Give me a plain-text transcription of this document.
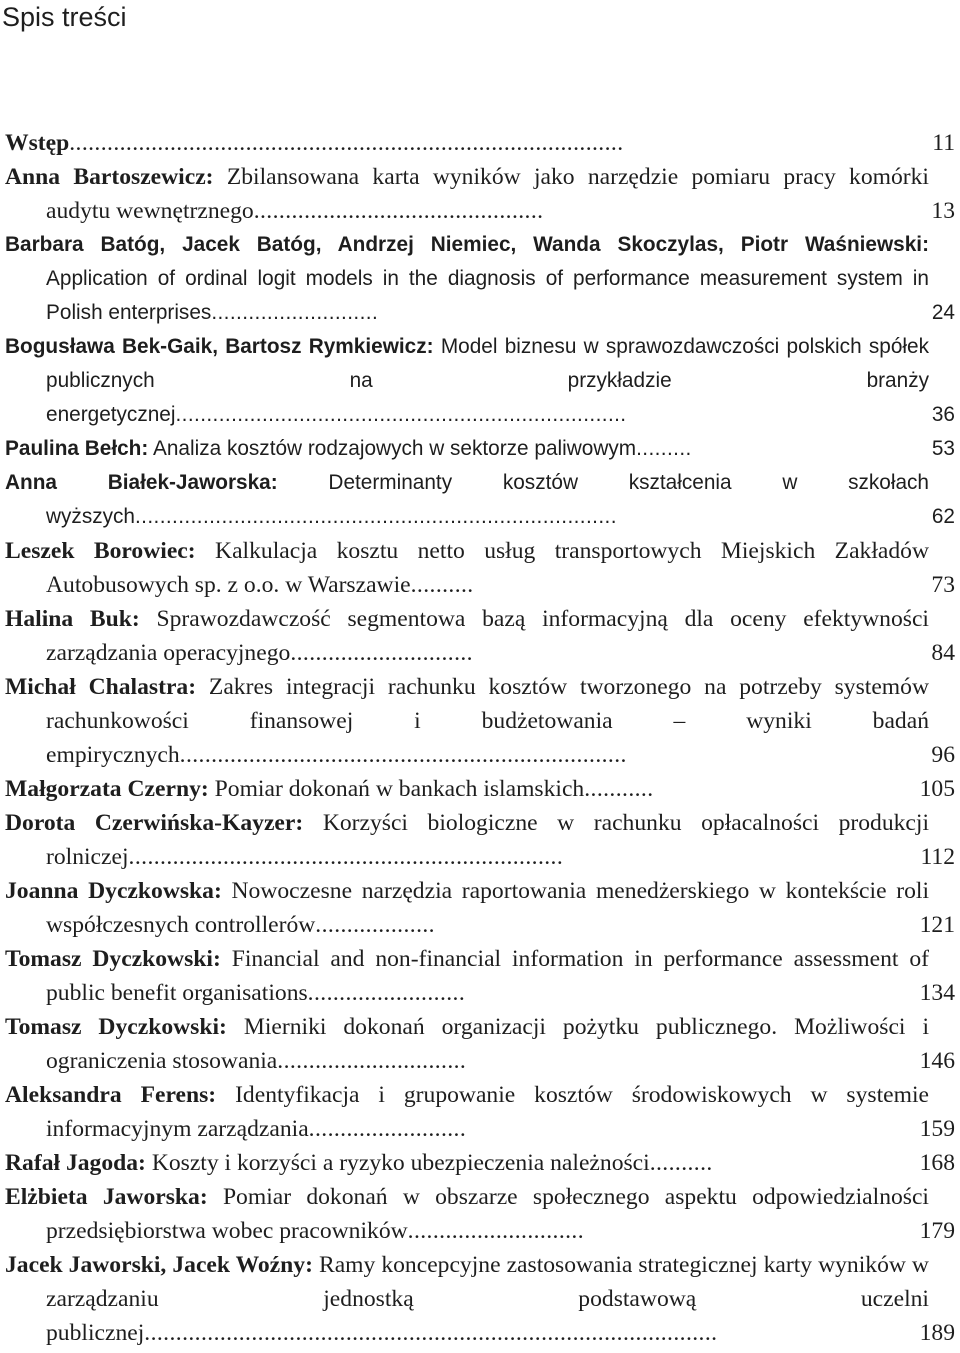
Spis treści
Wstęp........................................................................................	11
Anna Bartoszewicz: Zbilansowana karta wyników jako narzędzie pomiaru pracy komórki audytu wewnętrznego..............................................	13
Barbara Batóg, Jacek Batóg, Andrzej Niemiec, Wanda Skoczylas, Piotr Waśniewski: Application of ordinal logit models in the diagnosis of performance measurement system in Polish enterprises...........................	24
Bogusława Bek-Gaik, Bartosz Rymkiewicz: Model biznesu w sprawozdawczości polskich spółek publicznych na przykładzie branży energetycznej.........................................................................	36
Paulina Bełch: Analiza kosztów rodzajowych w sektorze paliwowym.........	53
Anna Białek-Jaworska: Determinanty kosztów kształcenia w szkołach wyższych..............................................................................	62
Leszek Borowiec: Kalkulacja kosztu netto usług transportowych Miejskich Zakładów Autobusowych sp. z o.o. w Warszawie..........	73
Halina Buk: Sprawozdawczość segmentowa bazą informacyjną dla oceny efektywności zarządzania operacyjnego.............................	84
Michał Chalastra: Zakres integracji rachunku kosztów tworzonego na potrzeby systemów rachunkowości finansowej i budżetowania – wyniki badań empirycznych.......................................................................	96
Małgorzata Czerny: Pomiar dokonań w bankach islamskich...........	105
Dorota Czerwińska-Kayzer: Korzyści biologiczne w rachunku opłacalności produkcji rolniczej.....................................................................	112
Joanna Dyczkowska: Nowoczesne narzędzia raportowania menedżerskiego w kontekście roli współczesnych controllerów...................	121
Tomasz Dyczkowski: Financial and non-financial information in performance assessment of public benefit organisations.........................	134
Tomasz Dyczkowski: Mierniki dokonań organizacji pożytku publicznego. Możliwości i ograniczenia stosowania..............................	146
Aleksandra Ferens: Identyfikacja i grupowanie kosztów środowiskowych w systemie informacyjnym zarządzania.........................	159
Rafał Jagoda: Koszty i korzyści a ryzyko ubezpieczenia należności..........	168
Elżbieta Jaworska: Pomiar dokonań w obszarze społecznego aspektu odpowiedzialności przedsiębiorstwa wobec pracowników............................	179
Jacek Jaworski, Jacek Woźny: Ramy koncepcyjne zastosowania strategicznej karty wyników w zarządzaniu jednostką podstawową uczelni publicznej...........................................................................................	189
